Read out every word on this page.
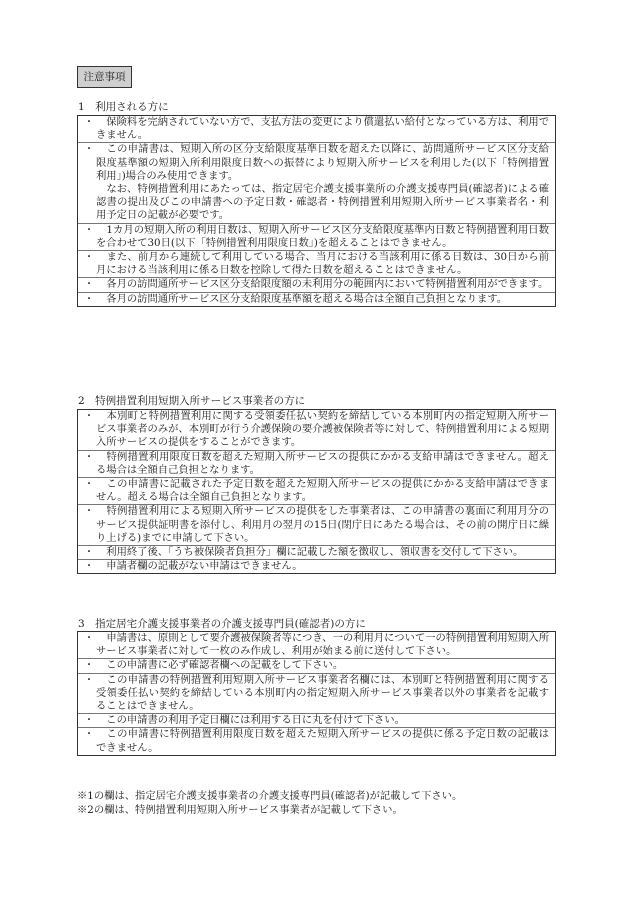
注意事項
1　利用される方に
・ 　保険料を完納されていない方で、支払方法の変更により償還払い給付となっている方は、利用できません。
・	　この申請書は、短期入所の区分支給限度基準日数を超えた以降に、訪問通所サービス区分支給限度基準額の短期入所利用限度日数への振替により短期入所サービスを利用した(以下「特例措置利用」)場合のみ使用できます。
　なお、特例措置利用にあたっては、指定居宅介護支援事業所の介護支援専門員(確認者)による確認書の提出及びこの申請書への予定日数・確認者・特例措置利用短期入所サービス事業者名・利用予定日の記載が必要です。
・ 　1カ月の短期入所の利用日数は、短期入所サービス区分支給限度基準内日数と特例措置利用日数を合わせて30日(以下「特例措置利用限度日数」)を超えることはできません。
・ 　また、前月から連続して利用している場合、当月における当該利用に係る日数は、30日から前月における当該利用に係る日数を控除して得た日数を超えることはできません。
・ 　各月の訪問通所サービス区分支給限度額の未利用分の範囲内において特例措置利用ができます。
・ 　各月の訪問通所サービス区分支給限度基準額を超える場合は全額自己負担となります。
2　特例措置利用短期入所サービス事業者の方に
・ 　本別町と特例措置利用に関する受領委任払い契約を締結している本別町内の指定短期入所サービス事業者のみが、本別町が行う介護保険の要介護被保険者等に対して、特例措置利用による短期入所サービスの提供をすることができます。
・ 　特例措置利用限度日数を超えた短期入所サービスの提供にかかる支給申請はできません。超える場合は全額自己負担となります。
・ 　この申請書に記載された予定日数を超えた短期入所サービスの提供にかかる支給申請はできません。超える場合は全額自己負担となります。
・ 　特例措置利用による短期入所サービスの提供をした事業者は、この申請書の裏面に利用月分のサービス提供証明書を添付し、利用月の翌月の15日(閉庁日にあたる場合は、その前の開庁日に繰り上げる)までに申請して下さい。
・ 　利用終了後、「うち被保険者負担分」欄に記載した額を徴収し、領収書を交付して下さい。
・ 　申請者欄の記載がない申請はできません。
3　指定居宅介護支援事業者の介護支援専門員(確認者)の方に
・ 　申請書は、原則として要介護被保険者等につき、一の利用月について一の特例措置利用短期入所サービス事業者に対して一枚のみ作成し、利用が始まる前に送付して下さい。
・ 　この申請書に必ず確認者欄への記載をして下さい。
・ 　この申請書の特例措置利用短期入所サービス事業者名欄には、本別町と特例措置利用に関する受領委任払い契約を締結している本別町内の指定短期入所サービス事業者以外の事業者を記載することはできません。
・ 　この申請書の利用予定日欄には利用する日に丸を付けて下さい。
・ 　この申請書に特例措置利用限度日数を超えた短期入所サービスの提供に係る予定日数の記載はできません。
※1の欄は、指定居宅介護支援事業者の介護支援専門員(確認者)が記載して下さい。
※2の欄は、特例措置利用短期入所サービス事業者が記載して下さい。
